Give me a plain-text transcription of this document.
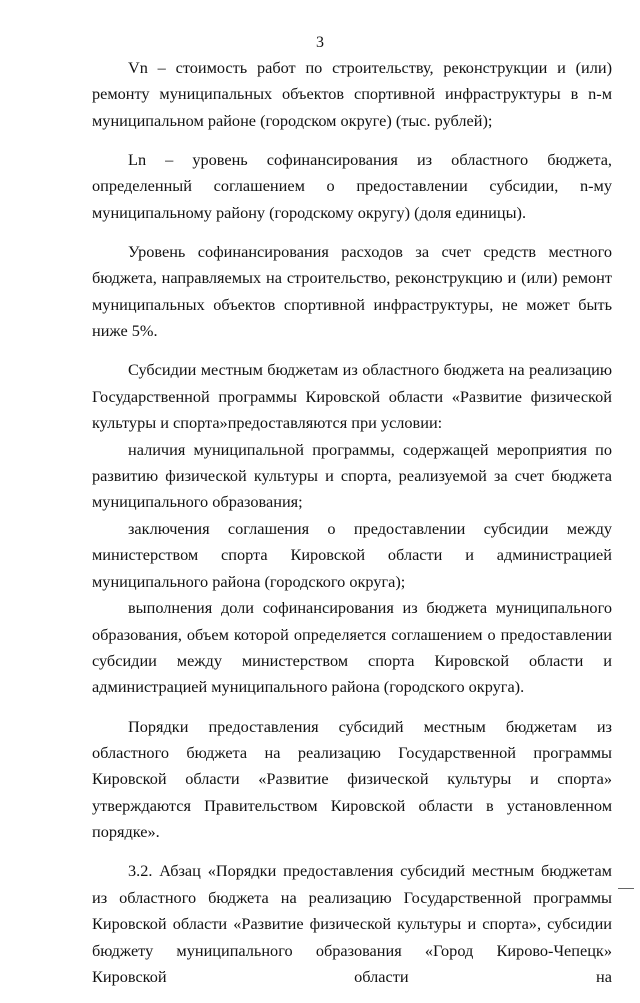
3

Vn – стоимость работ по строительству, реконструкции и (или) ремонту муниципальных объектов спортивной инфраструктуры в n-м муниципальном районе (городском округе) (тыс. рублей);

Ln – уровень софинансирования из областного бюджета, определенный соглашением о предоставлении субсидии, n-му муниципальному району (городскому округу) (доля единицы).

Уровень софинансирования расходов за счет средств местного бюджета, направляемых на строительство, реконструкцию и (или) ремонт муниципальных объектов спортивной инфраструктуры, не может быть ниже 5%.

Субсидии местным бюджетам из областного бюджета на реализацию Государственной программы Кировской области «Развитие физической культуры и спорта»предоставляются при условии:

наличия муниципальной программы, содержащей мероприятия по развитию физической культуры и спорта, реализуемой за счет бюджета муниципального образования;

заключения соглашения о предоставлении субсидии между министерством спорта Кировской области и администрацией муниципального района (городского округа);

выполнения доли софинансирования из бюджета муниципального образования, объем которой определяется соглашением о предоставлении субсидии между министерством спорта Кировской области и администрацией муниципального района (городского округа).

Порядки предоставления субсидий местным бюджетам из областного бюджета на реализацию Государственной программы Кировской области «Развитие физической культуры и спорта» утверждаются Правительством Кировской области в установленном порядке».

3.2. Абзац «Порядки предоставления субсидий местным бюджетам из областного бюджета на реализацию Государственной программы Кировской области «Развитие физической культуры и спорта», субсидии бюджету муниципального образования «Город Кирово-Чепецк» Кировской области на
